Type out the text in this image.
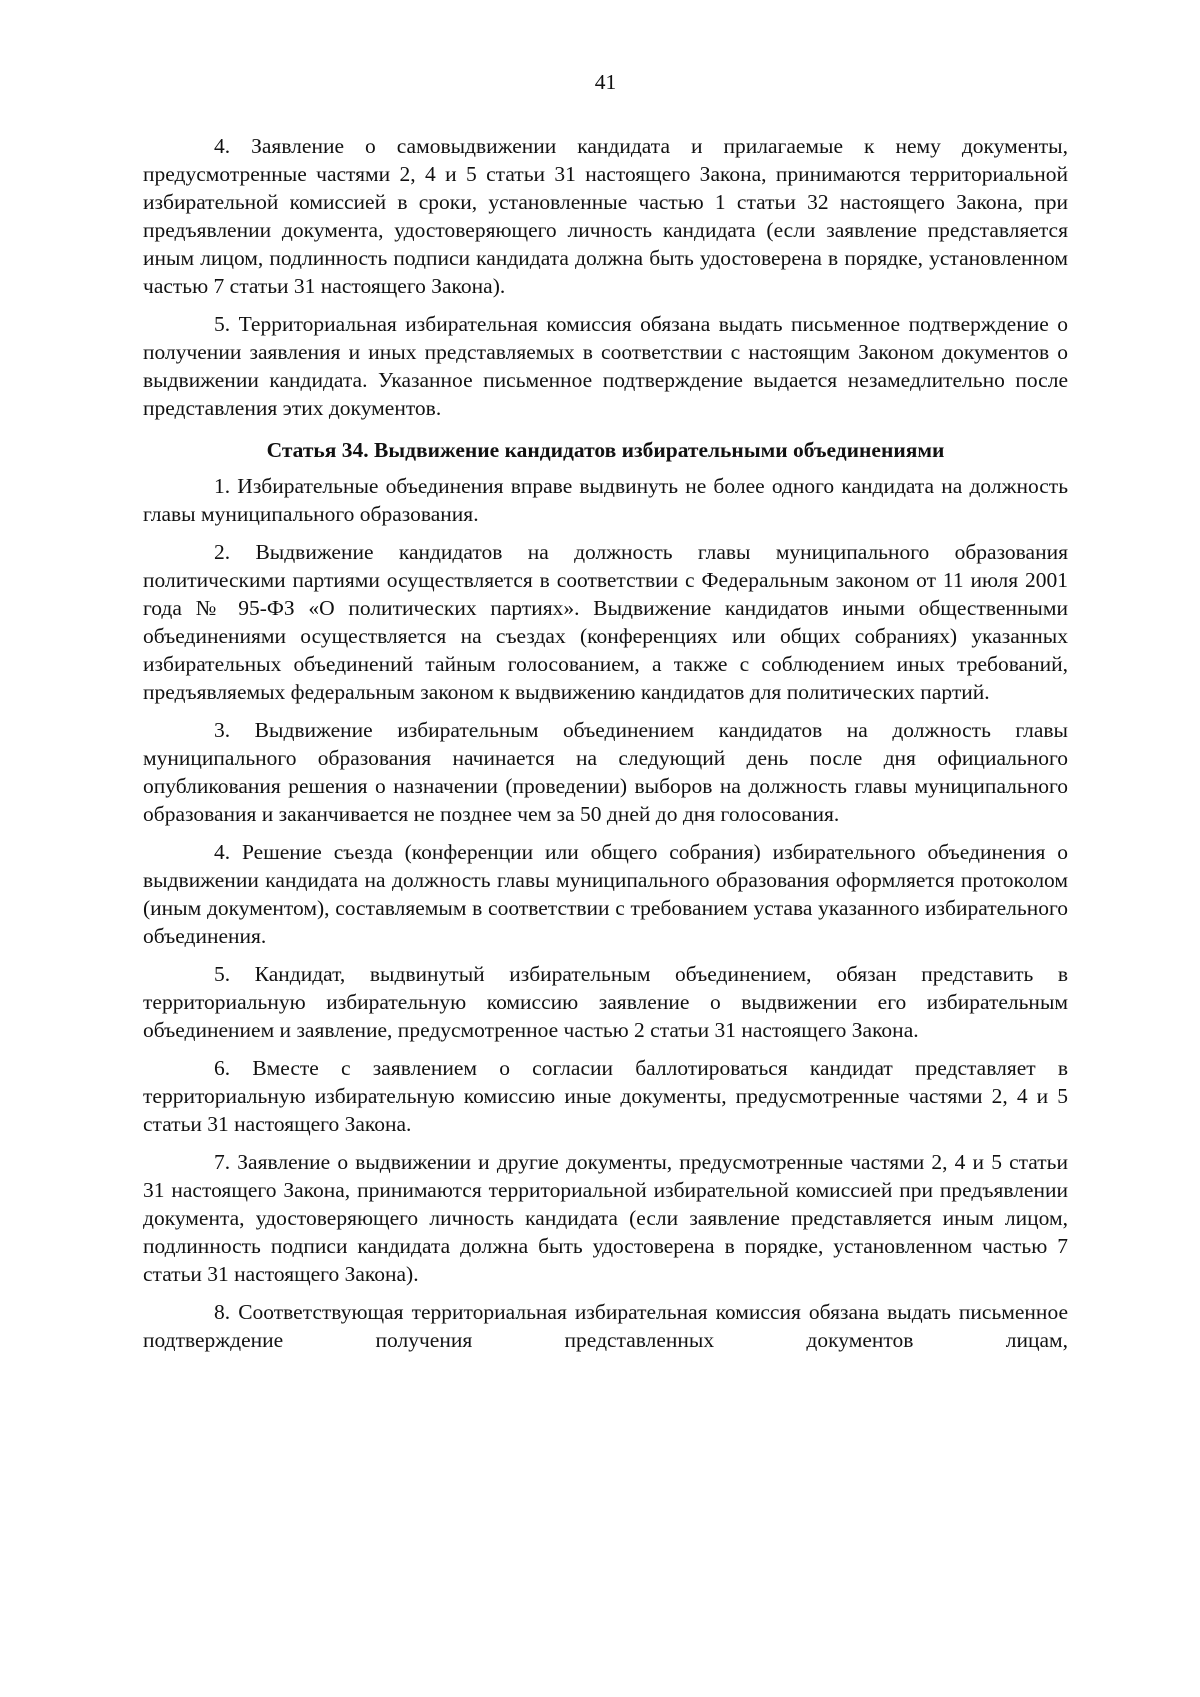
41

4. Заявление о самовыдвижении кандидата и прилагаемые к нему документы, предусмотренные частями 2, 4 и 5 статьи 31 настоящего Закона, принимаются территориальной избирательной комиссией в сроки, установленные частью 1 статьи 32 настоящего Закона, при предъявлении документа, удостоверяющего личность кандидата (если заявление представляется иным лицом, подлинность подписи кандидата должна быть удостоверена в порядке, установленном частью 7 статьи 31 настоящего Закона).

5. Территориальная избирательная комиссия обязана выдать письменное подтверждение о получении заявления и иных представляемых в соответствии с настоящим Законом документов о выдвижении кандидата. Указанное письменное подтверждение выдается незамедлительно после представления этих документов.

Статья 34. Выдвижение кандидатов избирательными объединениями

1. Избирательные объединения вправе выдвинуть не более одного кандидата на должность главы муниципального образования.

2. Выдвижение кандидатов на должность главы муниципального образования политическими партиями осуществляется в соответствии с Федеральным законом от 11 июля 2001 года № 95-ФЗ «О политических партиях». Выдвижение кандидатов иными общественными объединениями осуществляется на съездах (конференциях или общих собраниях) указанных избирательных объединений тайным голосованием, а также с соблюдением иных требований, предъявляемых федеральным законом к выдвижению кандидатов для политических партий.

3. Выдвижение избирательным объединением кандидатов на должность главы муниципального образования начинается на следующий день после дня официального опубликования решения о назначении (проведении) выборов на должность главы муниципального образования и заканчивается не позднее чем за 50 дней до дня голосования.

4. Решение съезда (конференции или общего собрания) избирательного объединения о выдвижении кандидата на должность главы муниципального образования оформляется протоколом (иным документом), составляемым в соответствии с требованием устава указанного избирательного объединения.

5. Кандидат, выдвинутый избирательным объединением, обязан представить в территориальную избирательную комиссию заявление о выдвижении его избирательным объединением и заявление, предусмотренное частью 2 статьи 31 настоящего Закона.

6. Вместе с заявлением о согласии баллотироваться кандидат представляет в территориальную избирательную комиссию иные документы, предусмотренные частями 2, 4 и 5 статьи 31 настоящего Закона.

7. Заявление о выдвижении и другие документы, предусмотренные частями 2, 4 и 5 статьи 31 настоящего Закона, принимаются территориальной избирательной комиссией при предъявлении документа, удостоверяющего личность кандидата (если заявление представляется иным лицом, подлинность подписи кандидата должна быть удостоверена в порядке, установленном частью 7 статьи 31 настоящего Закона).

8. Соответствующая территориальная избирательная комиссия обязана выдать письменное подтверждение получения представленных документов лицам,
